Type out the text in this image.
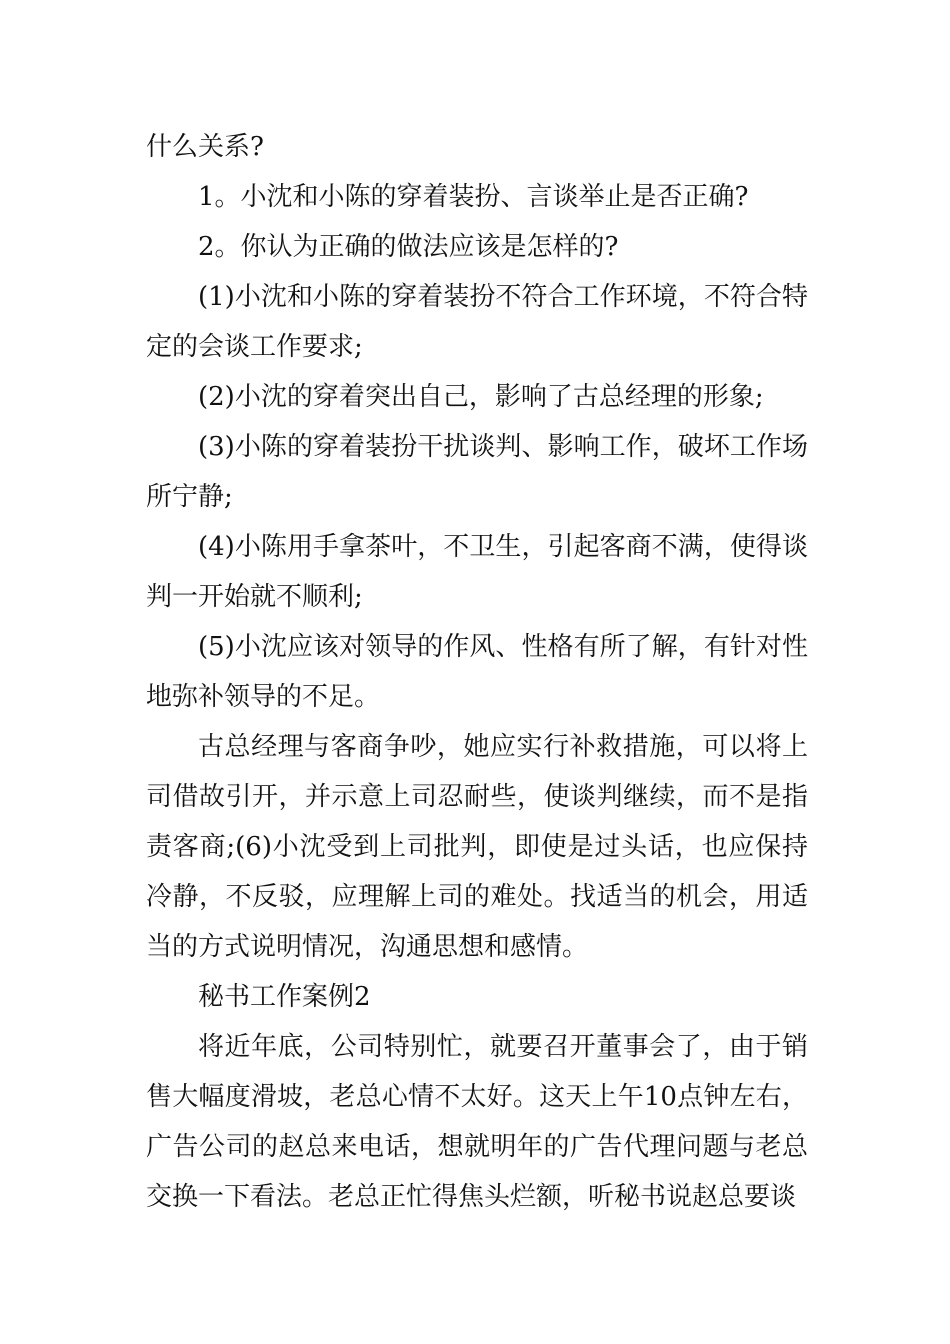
什么关系?

1。小沈和小陈的穿着装扮、言谈举止是否正确?

2。你认为正确的做法应该是怎样的?

(1)小沈和小陈的穿着装扮不符合工作环境，不符合特定的会谈工作要求;

(2)小沈的穿着突出自己，影响了古总经理的形象;

(3)小陈的穿着装扮干扰谈判、影响工作，破坏工作场所宁静;

(4)小陈用手拿茶叶，不卫生，引起客商不满，使得谈判一开始就不顺利;

(5)小沈应该对领导的作风、性格有所了解，有针对性地弥补领导的不足。

古总经理与客商争吵，她应实行补救措施，可以将上司借故引开，并示意上司忍耐些，使谈判继续，而不是指责客商;(6)小沈受到上司批判，即使是过头话，也应保持冷静，不反驳，应理解上司的难处。找适当的机会，用适当的方式说明情况，沟通思想和感情。

秘书工作案例2

将近年底，公司特别忙，就要召开董事会了，由于销售大幅度滑坡，老总心情不太好。这天上午10点钟左右，广告公司的赵总来电话，想就明年的广告代理问题与老总交换一下看法。老总正忙得焦头烂额，听秘书说赵总要谈
